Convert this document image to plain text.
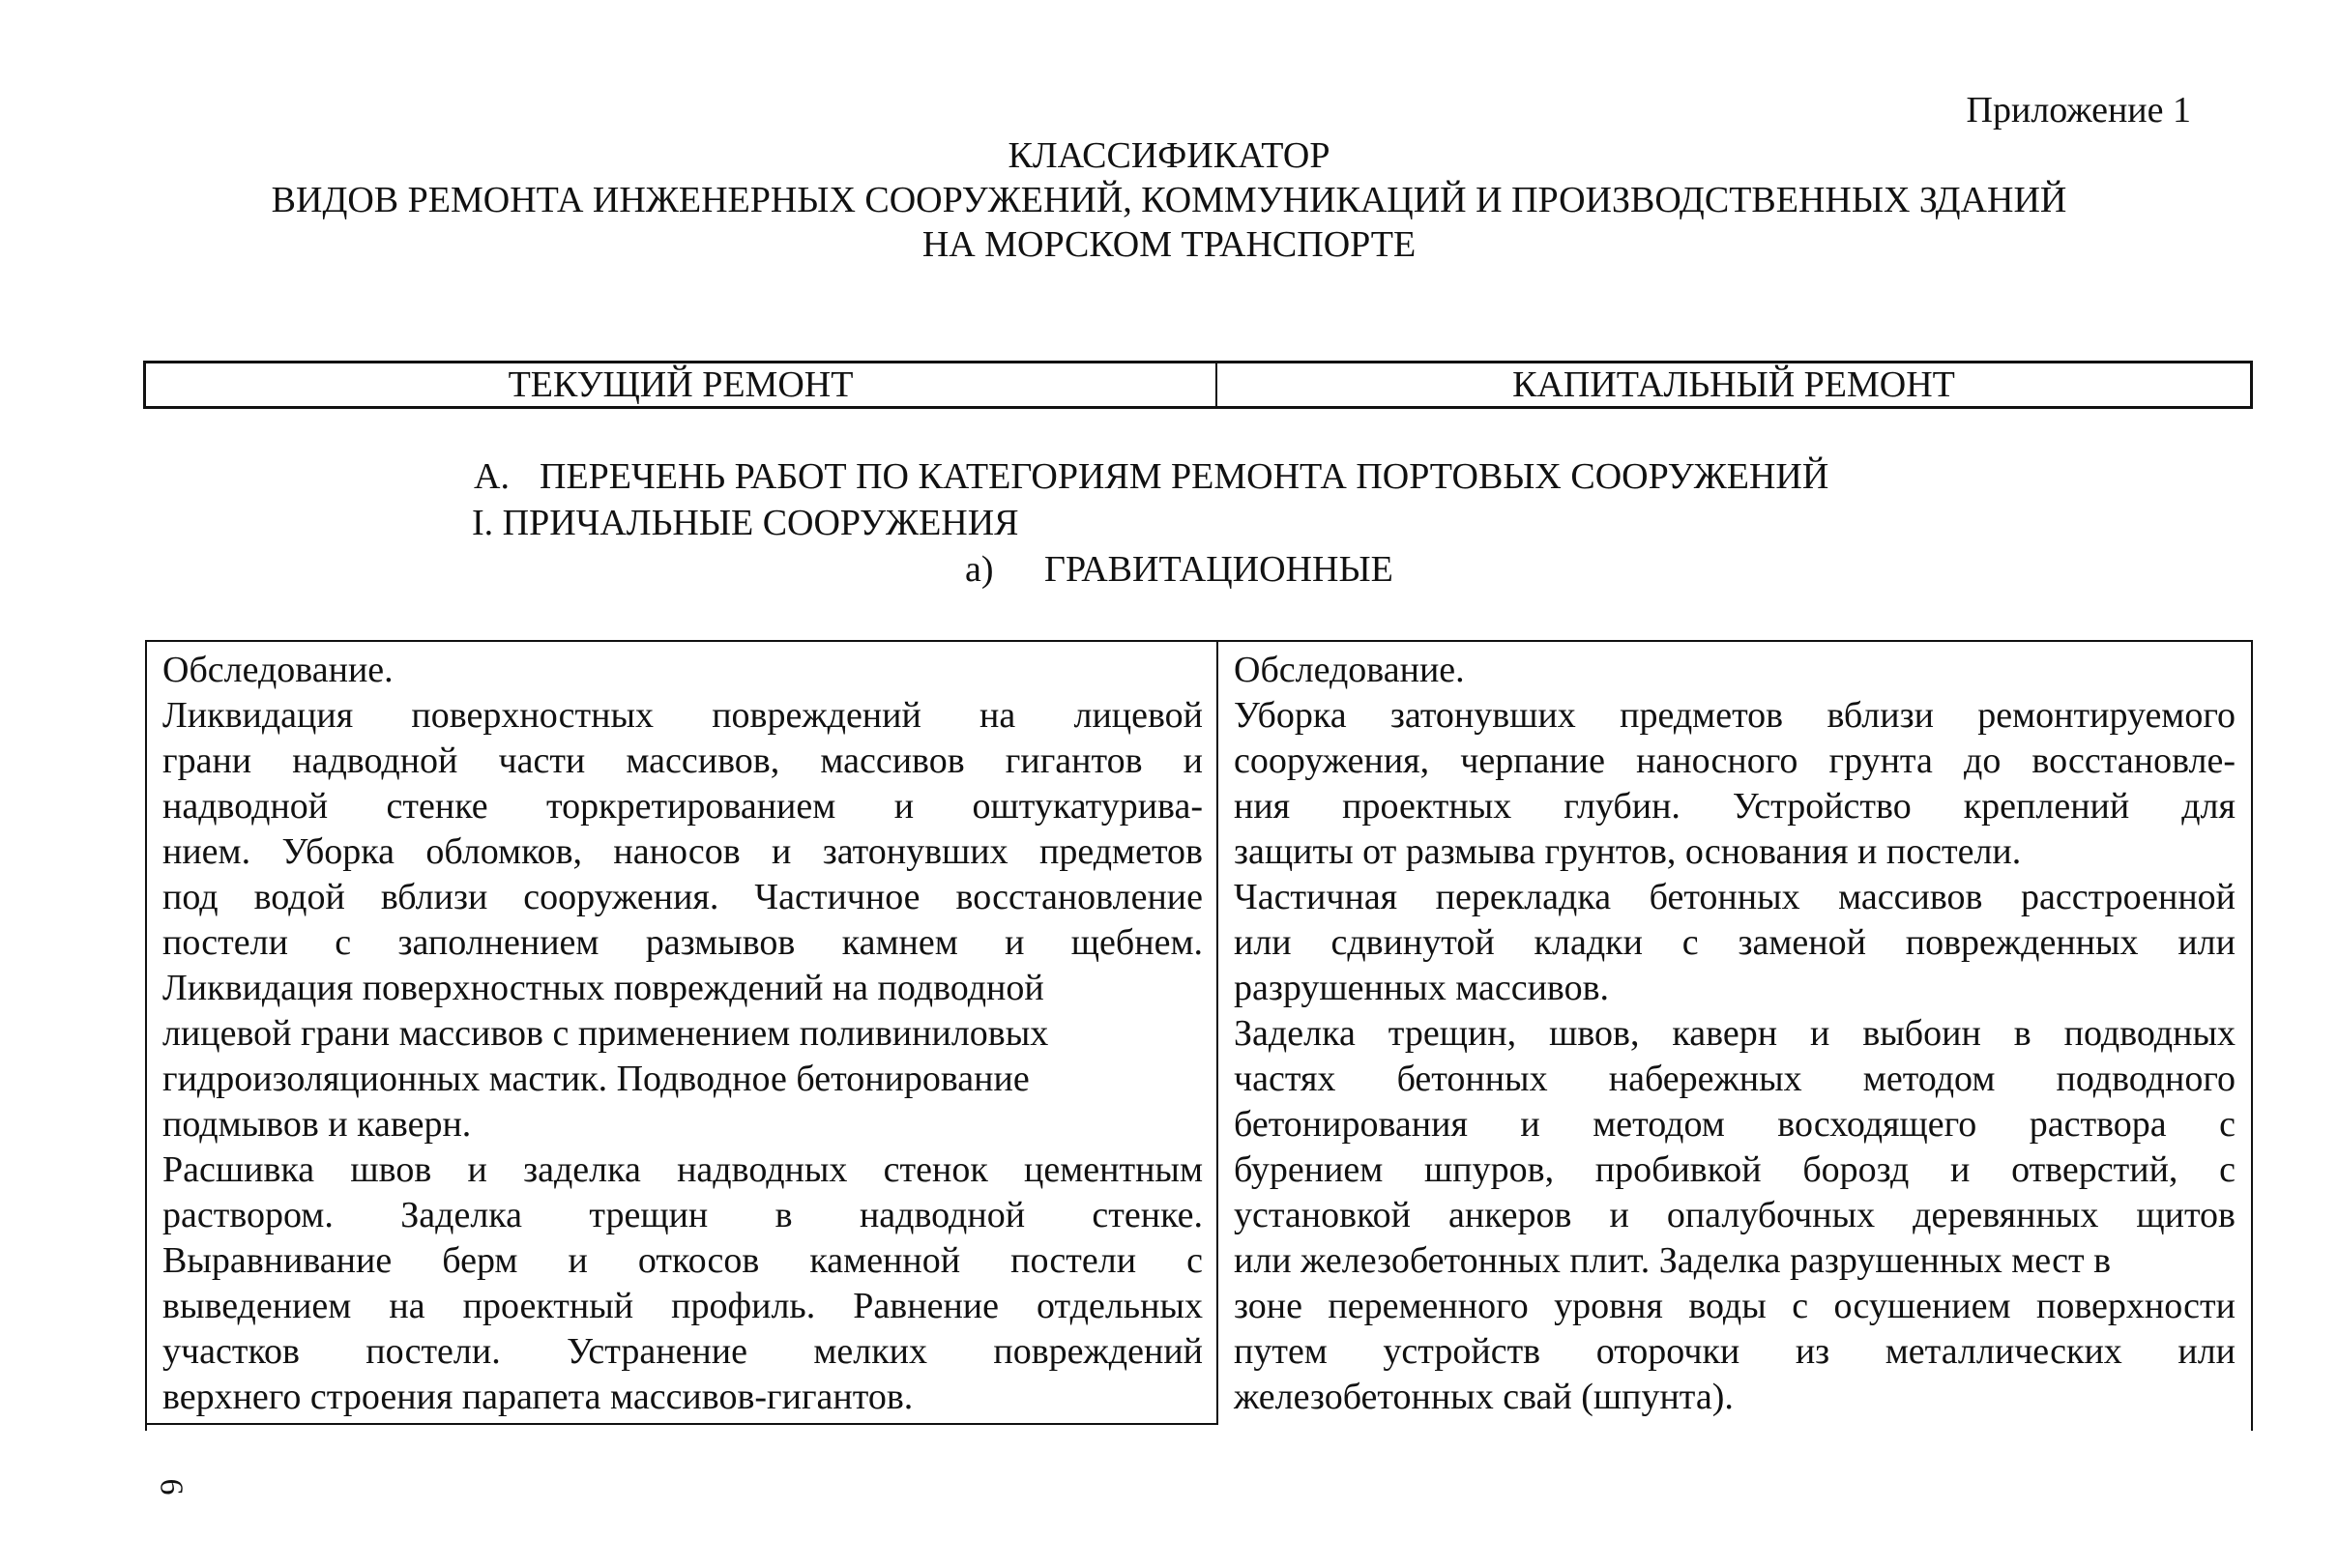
Приложение 1
КЛАССИФИКАТОР
ВИДОВ РЕМОНТА ИНЖЕНЕРНЫХ СООРУЖЕНИЙ, КОММУНИКАЦИЙ И ПРОИЗВОДСТВЕННЫХ ЗДАНИЙ
НА МОРСКОМ ТРАНСПОРТЕ
ТЕКУЩИЙ РЕМОНТ	КАПИТАЛЬНЫЙ РЕМОНТ
А. ПЕРЕЧЕНЬ РАБОТ ПО КАТЕГОРИЯМ РЕМОНТА ПОРТОВЫХ СООРУЖЕНИЙ
I. ПРИЧАЛЬНЫЕ СООРУЖЕНИЯ
а) ГРАВИТАЦИОННЫЕ
Обследование.
Ликвидация поверхностных повреждений на лицевой
грани надводной части массивов, массивов гигантов и
надводной стенке торкретированием и оштукатурива-
нием. Уборка обломков, наносов и затонувших предметов
под водой вблизи сооружения. Частичное восстановление
постели с заполнением размывов камнем и щебнем.
Ликвидация поверхностных повреждений на подводной
лицевой грани массивов с применением поливиниловых
гидроизоляционных мастик. Подводное бетонирование
подмывов и каверн.
Расшивка швов и заделка надводных стенок цементным
раствором. Заделка трещин в надводной стенке.
Выравнивание берм и откосов каменной постели с
выведением на проектный профиль. Равнение отдельных
участков постели. Устранение мелких повреждений
верхнего строения парапета массивов-гигантов.
Обследование.
Уборка затонувших предметов вблизи ремонтируемого
сооружения, черпание наносного грунта до восстановле-
ния проектных глубин. Устройство креплений для
защиты от размыва грунтов, основания и постели.
Частичная перекладка бетонных массивов расстроенной
или сдвинутой кладки с заменой поврежденных или
разрушенных массивов.
Заделка трещин, швов, каверн и выбоин в подводных
частях бетонных набережных методом подводного
бетонирования и методом восходящего раствора с
бурением шпуров, пробивкой борозд и отверстий, с
установкой анкеров и опалубочных деревянных щитов
или железобетонных плит. Заделка разрушенных мест в
зоне переменного уровня воды с осушением поверхности
путем устройств оторочки из металлических или
железобетонных свай (шпунта).
6
